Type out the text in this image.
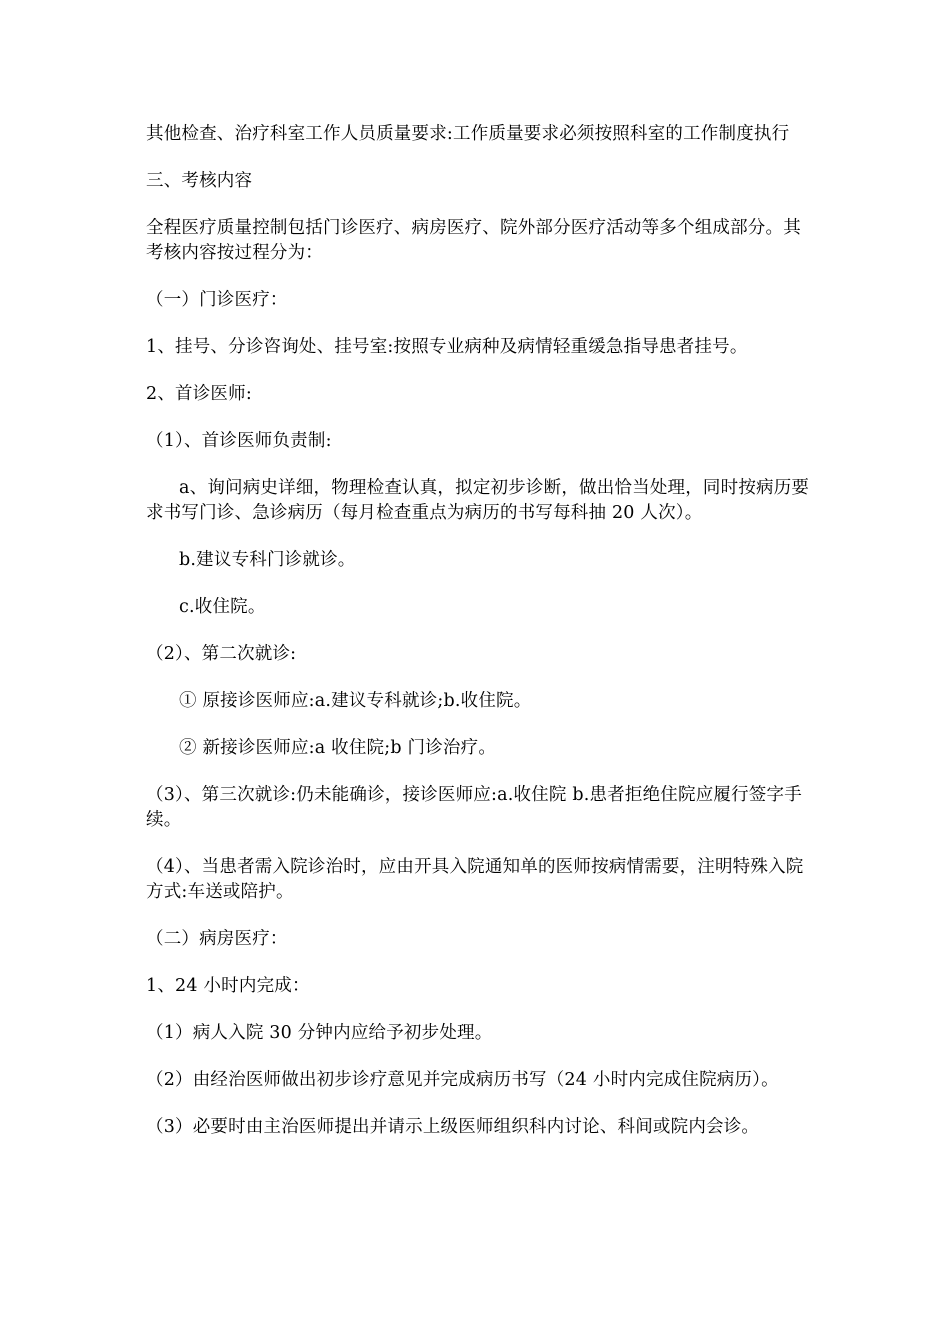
其他检查、治疗科室工作人员质量要求:工作质量要求必须按照科室的工作制度执行

三、考核内容

全程医疗质量控制包括门诊医疗、病房医疗、院外部分医疗活动等多个组成部分。其考核内容按过程分为：

（一）门诊医疗：

1、挂号、分诊咨询处、挂号室:按照专业病种及病情轻重缓急指导患者挂号。

2、首诊医师:

（1）、首诊医师负责制:

a、询问病史详细，物理检查认真，拟定初步诊断，做出恰当处理，同时按病历要求书写门诊、急诊病历（每月检查重点为病历的书写每科抽 20 人次）。

b.建议专科门诊就诊。

c.收住院。

（2）、第二次就诊:

① 原接诊医师应:a.建议专科就诊;b.收住院。

② 新接诊医师应:a 收住院;b 门诊治疗。

（3）、第三次就诊:仍未能确诊，接诊医师应:a.收住院 b.患者拒绝住院应履行签字手续。

（4）、当患者需入院诊治时，应由开具入院通知单的医师按病情需要，注明特殊入院方式:车送或陪护。

（二）病房医疗：

1、24 小时内完成：

（1）病人入院 30 分钟内应给予初步处理。

（2）由经治医师做出初步诊疗意见并完成病历书写（24 小时内完成住院病历）。

（3）必要时由主治医师提出并请示上级医师组织科内讨论、科间或院内会诊。
